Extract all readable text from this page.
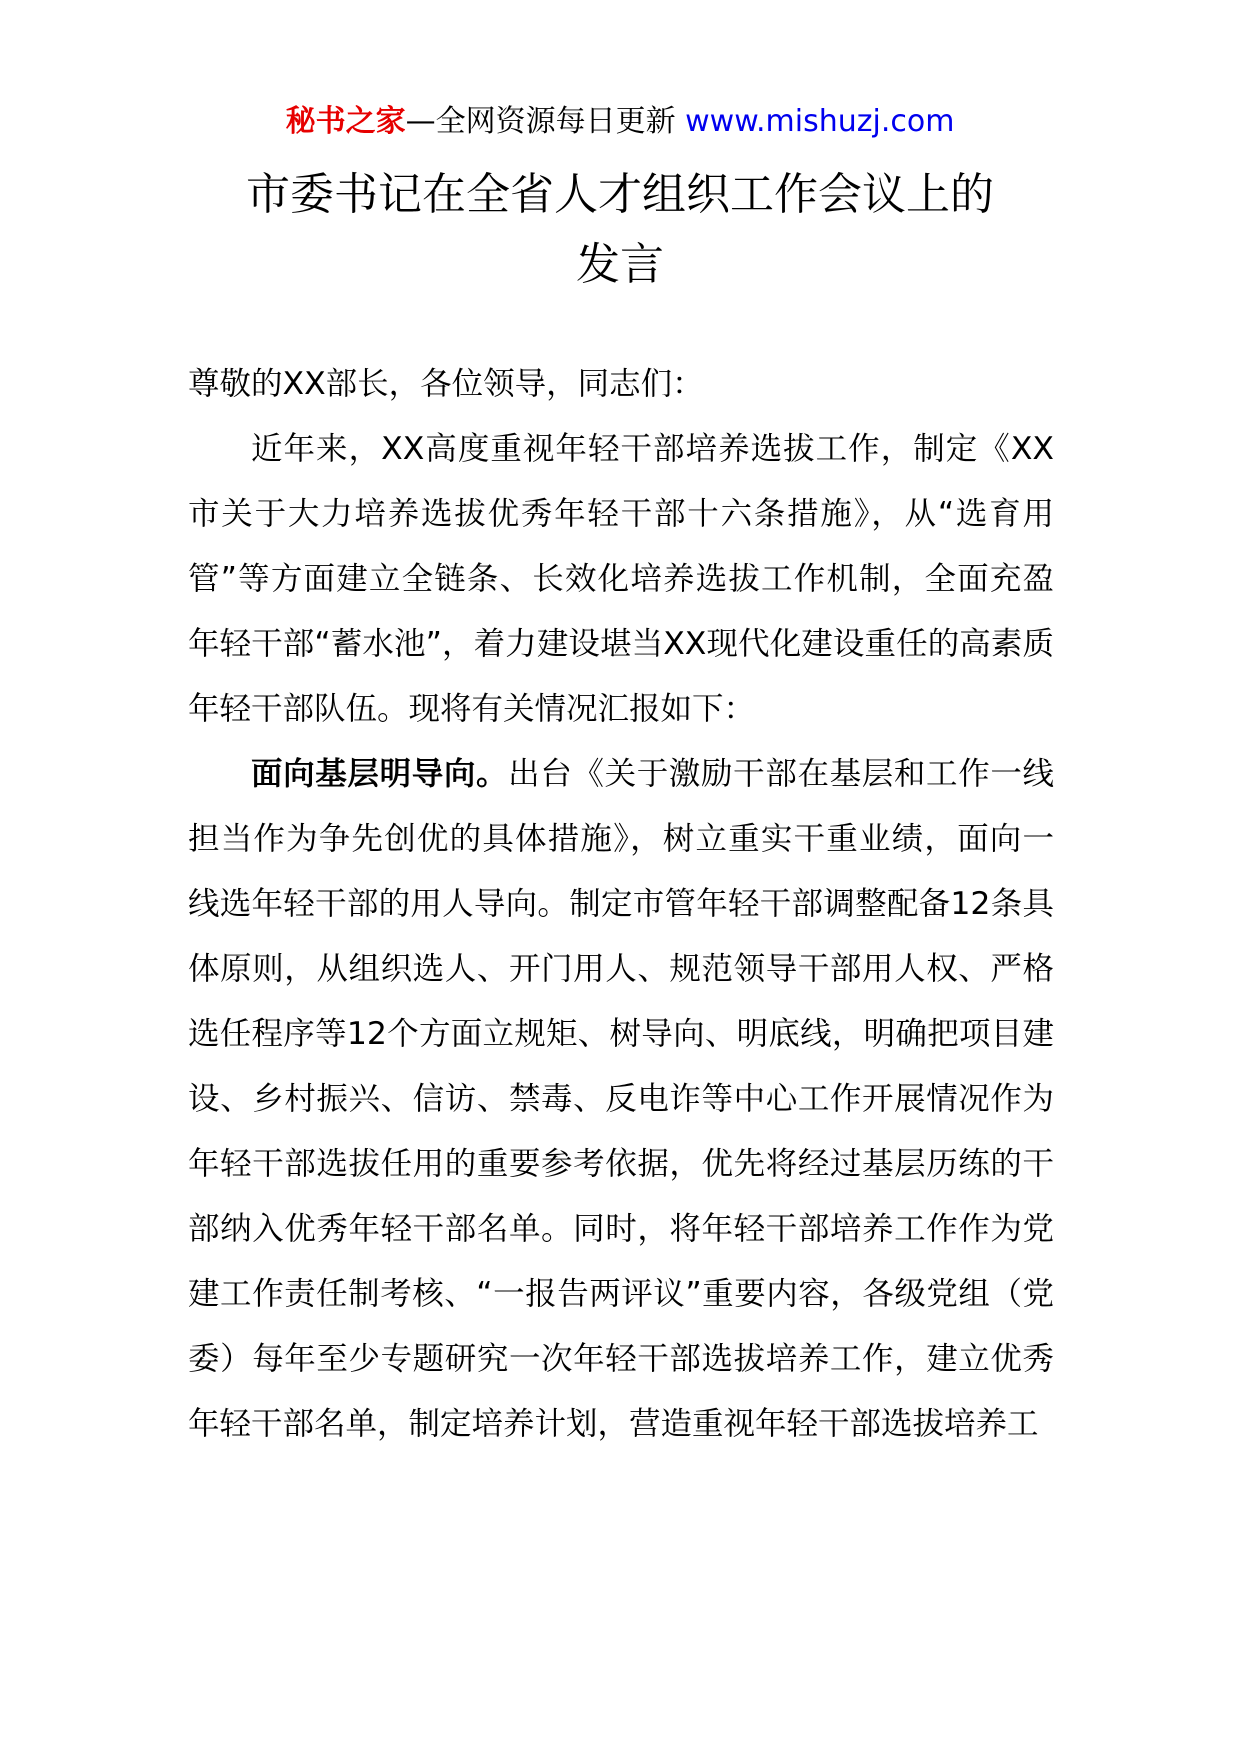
秘书之家—全网资源每日更新 www.mishuzj.com
市委书记在全省人才组织工作会议上的
发言

尊敬的XX部长，各位领导，同志们：

近年来，XX高度重视年轻干部培养选拔工作，制定《XX市关于大力培养选拔优秀年轻干部十六条措施》，从“选育用管”等方面建立全链条、长效化培养选拔工作机制，全面充盈年轻干部“蓄水池”，着力建设堪当XX现代化建设重任的高素质年轻干部队伍。现将有关情况汇报如下：

面向基层明导向。出台《关于激励干部在基层和工作一线担当作为争先创优的具体措施》，树立重实干重业绩，面向一线选年轻干部的用人导向。制定市管年轻干部调整配备12条具体原则，从组织选人、开门用人、规范领导干部用人权、严格选任程序等12个方面立规矩、树导向、明底线，明确把项目建设、乡村振兴、信访、禁毒、反电诈等中心工作开展情况作为年轻干部选拔任用的重要参考依据，优先将经过基层历练的干部纳入优秀年轻干部名单。同时，将年轻干部培养工作作为党建工作责任制考核、“一报告两评议”重要内容，各级党组（党委）每年至少专题研究一次年轻干部选拔培养工作，建立优秀年轻干部名单，制定培养计划，营造重视年轻干部选拔培养工
